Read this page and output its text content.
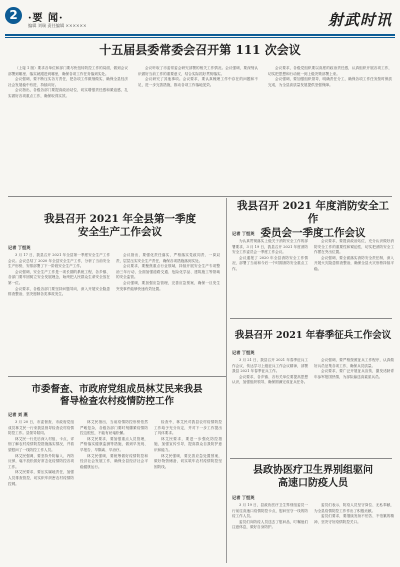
2	·要 闻·
编辑 刘瑞 责任编辑 ××××××	射武时讯
十五届县委常委会召开第 111 次会议

（上接 1 版）要求各单位和部门要尽快扭转防控工作的局面，做到会议部署到哪里、落实就跟进到哪里，确保各项工作任务落到实处。

会议强调，要不断压实各方责任，把各项工作做细做实，确保全县经济社会发展稳中有进、持续向好。

会议指出，各级各部门要提高政治站位，切实增强责任感和紧迫感，扎实做好各项重点工作，确保取得实效。

会议听取了市委常委会研究部署的相关工作情况。会议强调，要深刻认识做好当前工作的重要意义，结合实际抓好贯彻落实。

会议研究了其他事项。会议要求，要认真梳理工作中存在的问题和不足，进一步完善措施，推动各项工作落地见效。

会议要求，各级党组织要以高度的政治责任感，认真组织开展各项工作，切实把思想和行动统一到上级决策部署上来。

会议强调，要加强组织领导，明确责任分工，确保各项工作任务按时保质完成，为全县高质量发展提供坚强保障。

我县召开 2021 年全县第一季度
安全生产工作会议
记者 丁恒英

3 月 17 日，我县召开 2021 年全县第一季度安全生产工作会议。会议总结了 2020 年全县安全生产工作，分析了当前安全生产形势，安排部署了下一阶段安全生产工作。

会议强调，安全生产工作是一项长期的系统工程，各乡镇、各部门要牢固树立安全发展理念，始终把人民群众生命安全放在第一位。

会议要求，各级各部门要坚持问题导向，深入开展安全隐患排查整治，坚决遏制各类事故发生。

会议指出，要强化责任落实，严格落实党政同责、一岗双责，层层压实安全生产责任，确保各项措施落到实处。

会议要求，要聚焦重点行业领域，持续开展安全生产专项整治三年行动，全面加强道路交通、危险化学品、建筑施工等领域的安全监管。

会议强调，要加强应急管理，完善应急预案，确保一旦发生突发事件能够快速有效处置。

我县召开 2021 年度消防安全工作
委员会一季度工作会议
记者 丁恒英

为认真贯彻落实上级关于消防安全工作的部署要求，3 月 19 日，我县召开 2021 年度消防安全工作委员会一季度工作会议。

会议通报了 2020 年全县消防安全工作情况，部署了当前和今后一个时期消防安全重点工作。

会议要求，要提高政治站位，充分认识做好消防安全工作的重要性和紧迫性，切实把消防安全工作摆在突出位置。

会议强调，要全面落实消防安全责任制，深入开展火灾隐患排查整治，确保全县火灾形势持续平稳。

我县召开 2021 年春季征兵工作会议
记者 丁恒英

3 月 21 日，我县召开 2021 年春季征兵工作会议，传达学习上级征兵工作会议精神，部署我县 2021 年春季征兵工作。

会议要求，各乡镇、各有关单位要提高思想认识，加强组织领导，确保圆满完成征兵任务。

会议强调，要严格按照征兵工作程序，认真做好兵员征集各项工作，确保兵员质量。

会议要求，要广泛开展征兵宣传，激发适龄青年参军报国热情，为部队输送高素质兵员。

市委督查、市政府党组成员林艾民来我县
督导检查农村疫情防控工作
记者 刘 燕

3 月 20 日，市委督查、市政府党组成员林艾民一行来我县督导检查农村疫情防控工作。县领导陪同。

林艾民一行先后深入村组、卡点，详细了解农村疫情防控措施落实情况，并看望慰问了一线防控工作人员。

林艾民强调，要坚持外防输入、内防反弹，毫不放松抓好常态化疫情防控各项工作。

林艾民要求，要压实属地责任，加强人员排查管控，切实织牢织密农村疫情防控网。

林艾民指出，当前疫情防控形势依然严峻复杂，各级各部门要时刻绷紧疫情防控这根弦，不能有丝毫松懈。

林艾民要求，要加强重点人员管理，严格落实健康监测等措施，做到早发现、早报告、早隔离、早治疗。

林艾民强调，要统筹做好疫情防控和经济社会发展工作，确保全县经济社会平稳健康运行。

检查中，林艾民对我县农村疫情防控工作给予充分肯定，并对下一步工作提出了具体要求。

林艾民要求，要进一步强化防控措施，加强宣传引导，提高群众自我防护意识和能力。

林艾民强调，要完善应急处置预案，做好物资储备，切实筑牢农村疫情防控坚固防线。	县政协医疗卫生界别组驱问
高速口防疫人员
记者 丁恒英

3 月 19 日，县政协医疗卫生界别组委员一行前往高速口疫情防控卡点，慰问坚守一线的防疫工作人员。

委员们向防疫人员送去了慰问品，叮嘱他们注意休息，做好自身防护。

委员们表示，防疫人员坚守岗位、无私奉献，为全县疫情防控工作作出了积极贡献。

委员们要求，要继续发扬不怕苦、不怕累的精神，坚决守好疫情防控关口。
